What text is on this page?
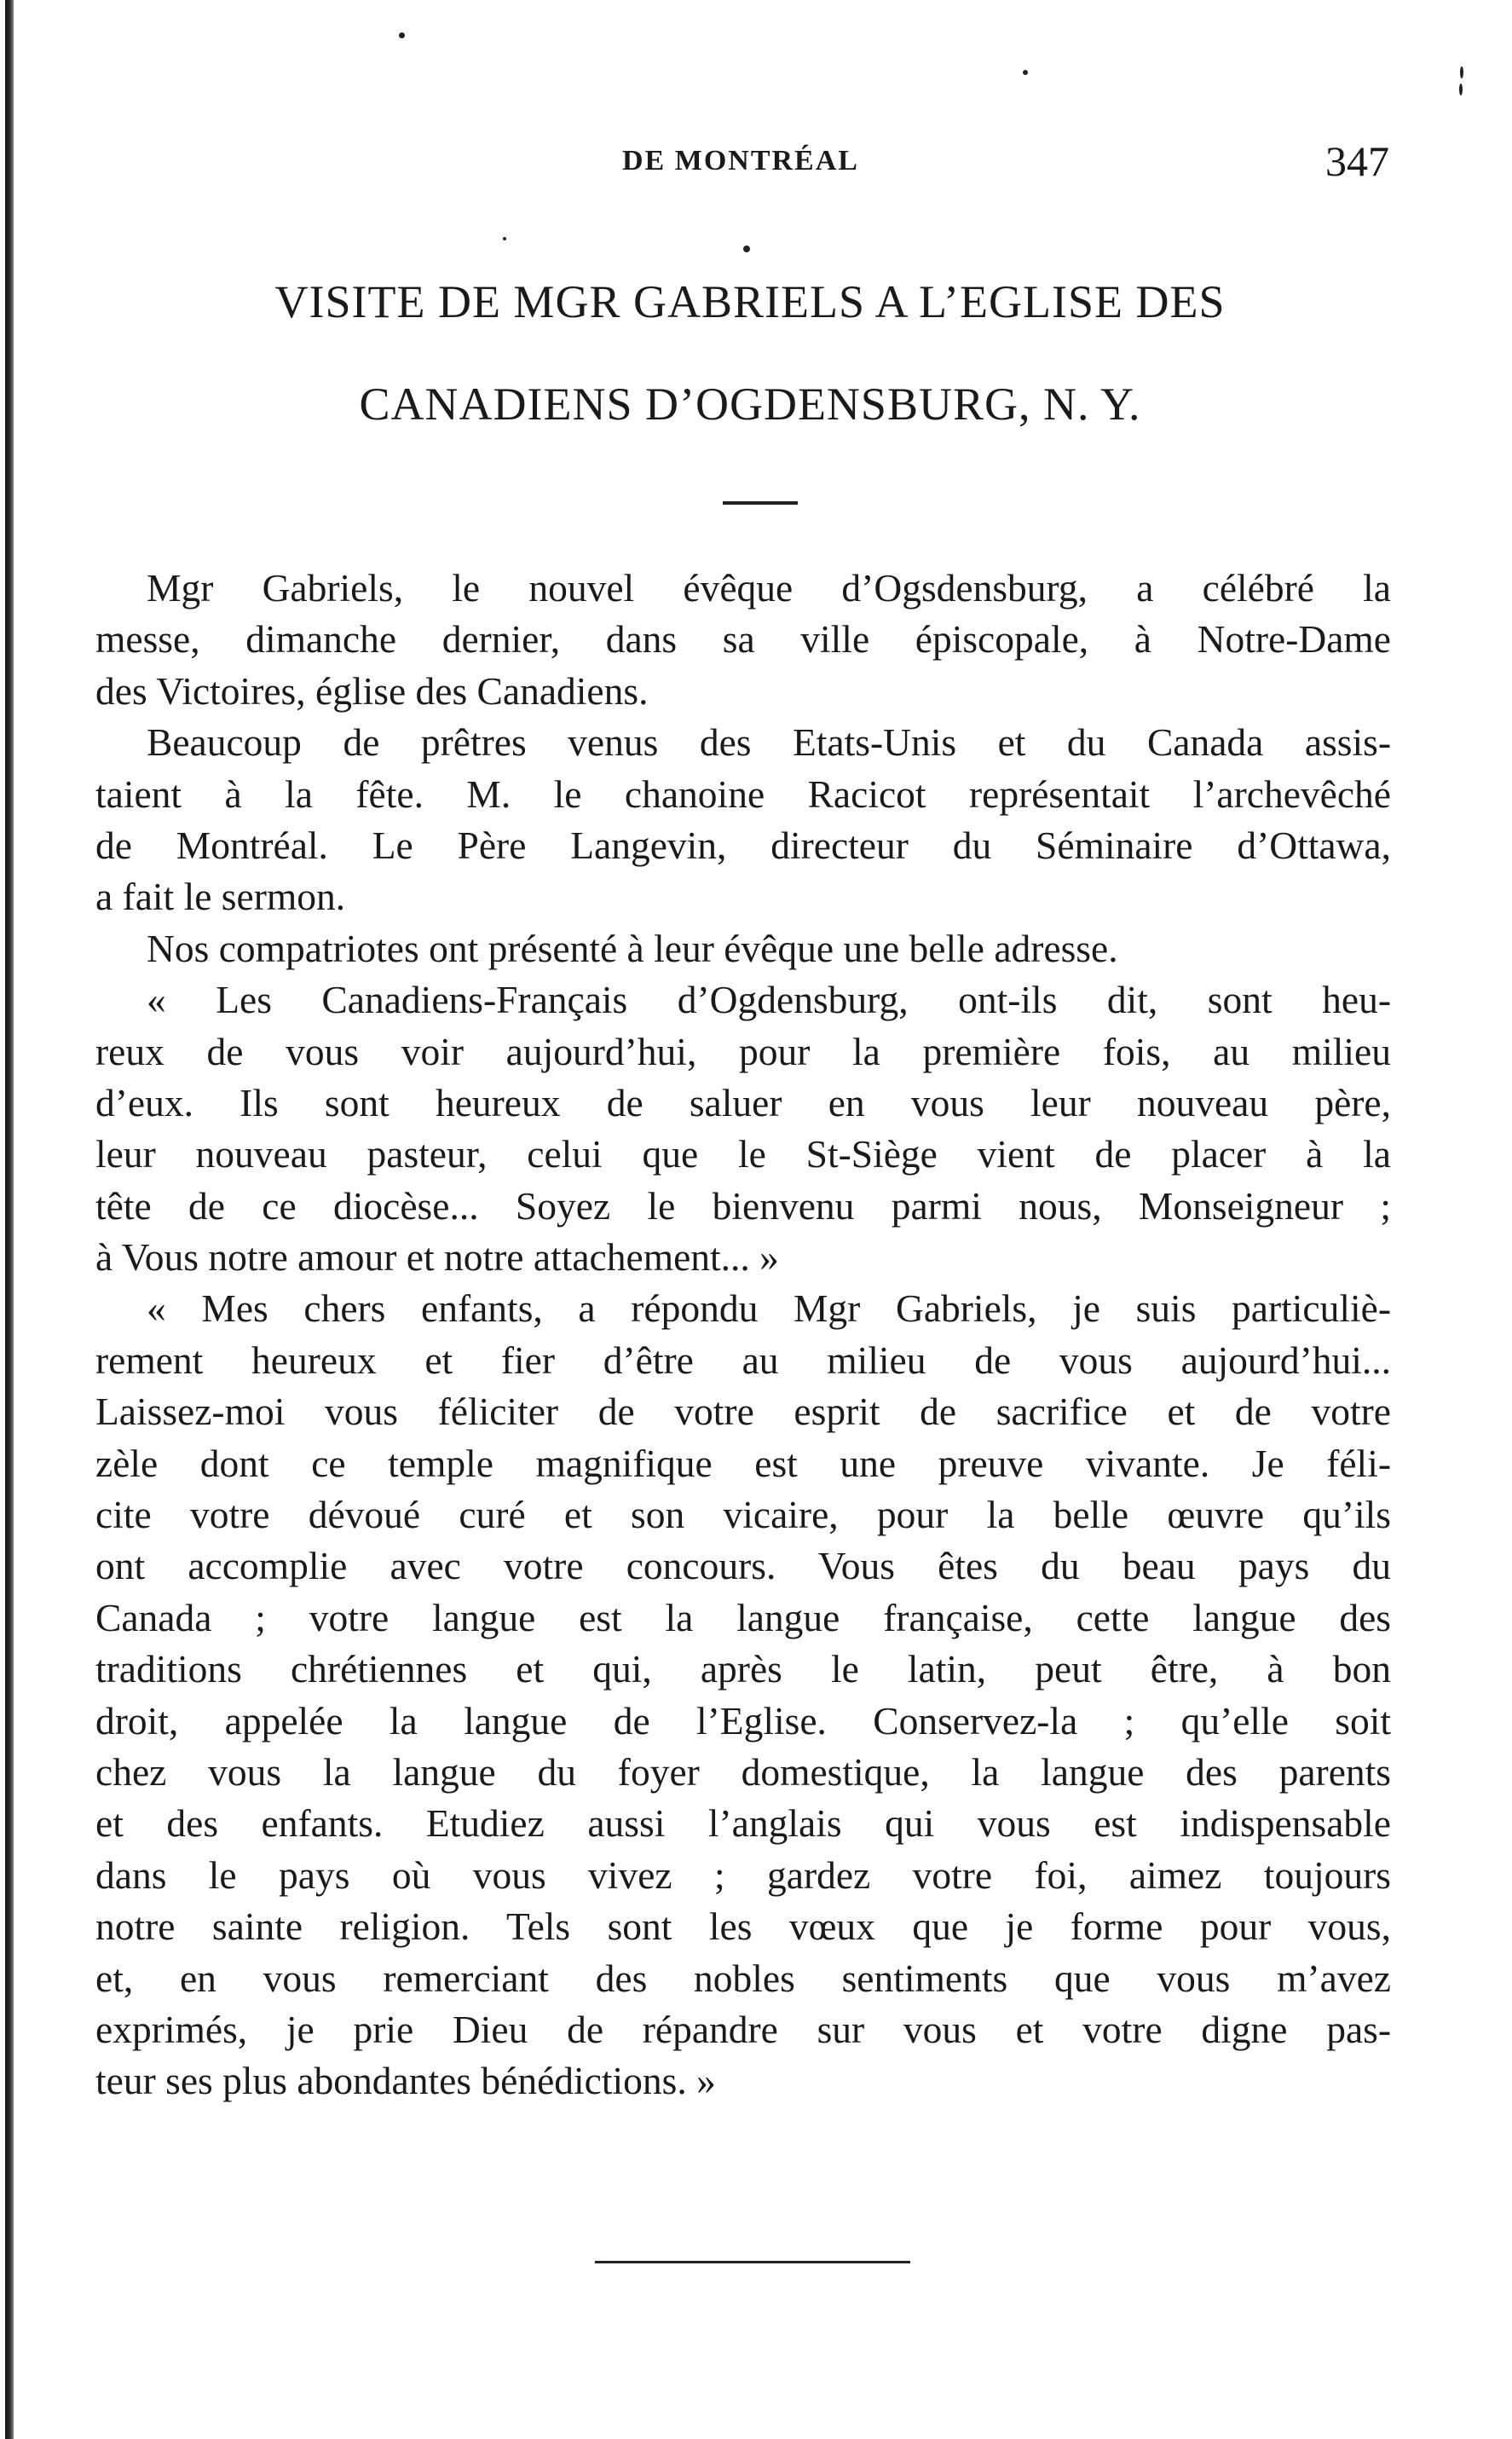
DE MONTRÉAL	347
VISITE DE MGR GABRIELS A L’EGLISE DES
CANADIENS D’OGDENSBURG, N. Y.
Mgr Gabriels, le nouvel évêque d’Ogsdensburg, a célébré la
messe, dimanche dernier, dans sa ville épiscopale, à Notre-Dame
des Victoires, église des Canadiens.
Beaucoup de prêtres venus des Etats-Unis et du Canada assis-
taient à la fête. M. le chanoine Racicot représentait l’archevêché
de Montréal. Le Père Langevin, directeur du Séminaire d’Ottawa,
a fait le sermon.
Nos compatriotes ont présenté à leur évêque une belle adresse.
« Les Canadiens-Français d’Ogdensburg, ont-ils dit, sont heu-
reux de vous voir aujourd’hui, pour la première fois, au milieu
d’eux. Ils sont heureux de saluer en vous leur nouveau père,
leur nouveau pasteur, celui que le St-Siège vient de placer à la
tête de ce diocèse... Soyez le bienvenu parmi nous, Monseigneur ;
à Vous notre amour et notre attachement... »
« Mes chers enfants, a répondu Mgr Gabriels, je suis particuliè-
rement heureux et fier d’être au milieu de vous aujourd’hui...
Laissez-moi vous féliciter de votre esprit de sacrifice et de votre
zèle dont ce temple magnifique est une preuve vivante. Je féli-
cite votre dévoué curé et son vicaire, pour la belle œuvre qu’ils
ont accomplie avec votre concours. Vous êtes du beau pays du
Canada ; votre langue est la langue française, cette langue des
traditions chrétiennes et qui, après le latin, peut être, à bon
droit, appelée la langue de l’Eglise. Conservez-la ; qu’elle soit
chez vous la langue du foyer domestique, la langue des parents
et des enfants. Etudiez aussi l’anglais qui vous est indispensable
dans le pays où vous vivez ; gardez votre foi, aimez toujours
notre sainte religion. Tels sont les vœux que je forme pour vous,
et, en vous remerciant des nobles sentiments que vous m’avez
exprimés, je prie Dieu de répandre sur vous et votre digne pas-
teur ses plus abondantes bénédictions. »
